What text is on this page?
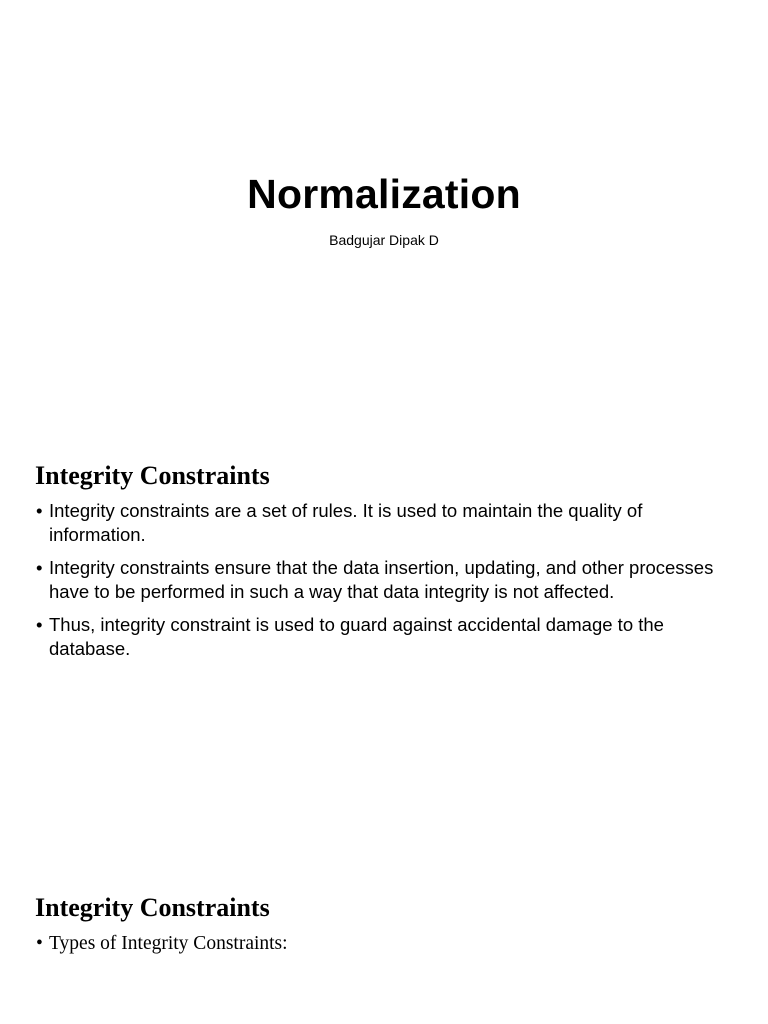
Normalization
Badgujar Dipak D
Integrity Constraints
• Integrity constraints are a set of rules. It is used to maintain the quality of information.
• Integrity constraints ensure that the data insertion, updating, and other processes have to be performed in such a way that data integrity is not affected.
• Thus, integrity constraint is used to guard against accidental damage to the database.
Integrity Constraints
• Types of Integrity Constraints:
